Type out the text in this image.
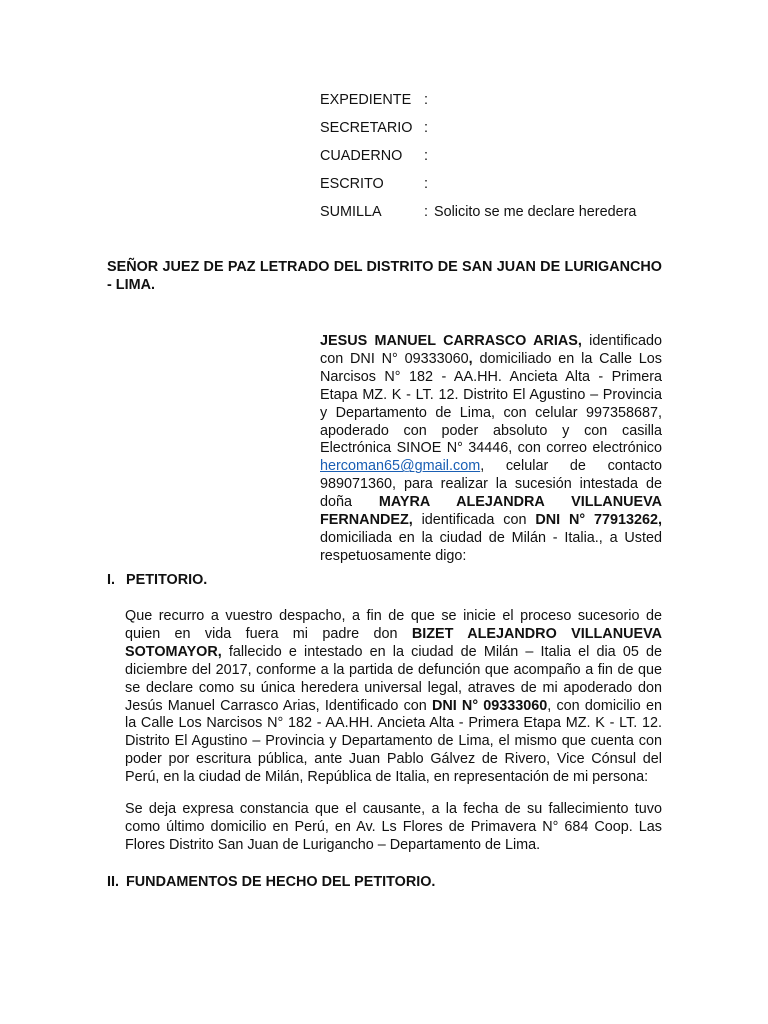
EXPEDIENTE :
SECRETARIO :
CUADERNO :
ESCRITO	:
SUMILLA	: Solicito se me declare heredera
SEÑOR JUEZ DE PAZ LETRADO DEL DISTRITO DE SAN JUAN DE LURIGANCHO - LIMA.
JESUS MANUEL CARRASCO ARIAS, identificado con DNI N° 09333060, domiciliado en la Calle Los Narcisos N° 182 - AA.HH. Ancieta Alta - Primera Etapa MZ. K - LT. 12. Distrito El Agustino – Provincia y Departamento de Lima, con celular 997358687, apoderado con poder absoluto y con casilla Electrónica SINOE N° 34446, con correo electrónico hercoman65@gmail.com, celular de contacto 989071360, para realizar la sucesión intestada de doña MAYRA ALEJANDRA VILLANUEVA FERNANDEZ, identificada con DNI N° 77913262, domiciliada en la ciudad de Milán - Italia., a Usted respetuosamente digo:
I. PETITORIO.
Que recurro a vuestro despacho, a fin de que se inicie el proceso sucesorio de quien en vida fuera mi padre don BIZET ALEJANDRO VILLANUEVA SOTOMAYOR, fallecido e intestado en la ciudad de Milán – Italia el dia 05 de diciembre del 2017, conforme a la partida de defunción que acompaño a fin de que se declare como su única heredera universal legal, atraves de mi apoderado don Jesús Manuel Carrasco Arias, Identificado con DNI N° 09333060, con domicilio en la Calle Los Narcisos N° 182 - AA.HH. Ancieta Alta - Primera Etapa MZ. K - LT. 12. Distrito El Agustino – Provincia y Departamento de Lima, el mismo que cuenta con poder por escritura pública, ante Juan Pablo Gálvez de Rivero, Vice Cónsul del Perú, en la ciudad de Milán, República de Italia, en representación de mi persona:
Se deja expresa constancia que el causante, a la fecha de su fallecimiento tuvo como último domicilio en Perú, en Av. Ls Flores de Primavera N° 684 Coop. Las Flores Distrito San Juan de Lurigancho – Departamento de Lima.
II. FUNDAMENTOS DE HECHO DEL PETITORIO.
